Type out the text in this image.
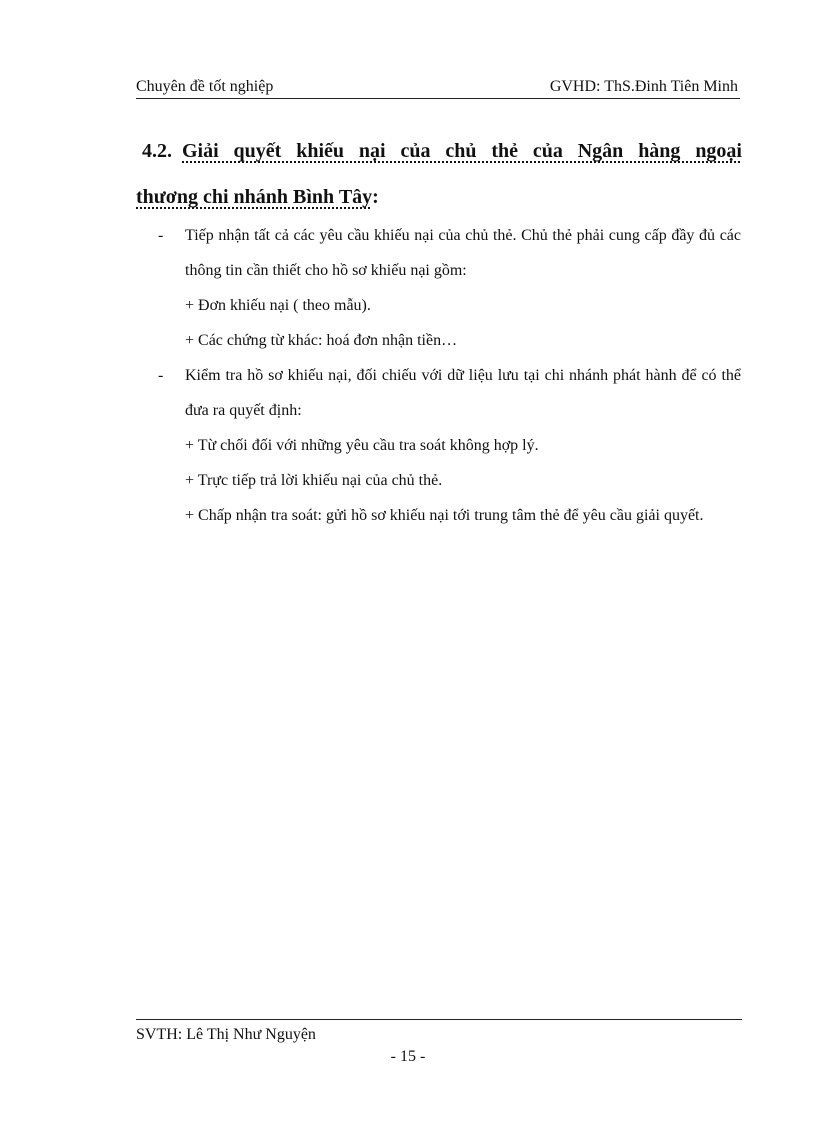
Chuyên đề tốt nghiệp	GVHD: ThS.Đinh Tiên Minh
4.2. Giải quyết khiếu nại của chủ thẻ của Ngân hàng ngoại
thương chi nhánh Bình Tây:
- Tiếp nhận tất cả các yêu cầu khiếu nại của chủ thẻ. Chủ thẻ phải cung cấp đầy đủ các thông tin cần thiết cho hồ sơ khiếu nại gồm:

+ Đơn khiếu nại ( theo mẫu).

+ Các chứng từ khác: hoá đơn nhận tiền…

- Kiểm tra hồ sơ khiếu nại, đối chiếu với dữ liệu lưu tại chi nhánh phát hành để có thể đưa ra quyết định:

+ Từ chối đối với những yêu cầu tra soát không hợp lý.

+ Trực tiếp trả lời khiếu nại của chủ thẻ.

+ Chấp nhận tra soát: gửi hồ sơ khiếu nại tới trung tâm thẻ để yêu cầu giải quyết.

SVTH: Lê Thị Như Nguyện
- 15 -
